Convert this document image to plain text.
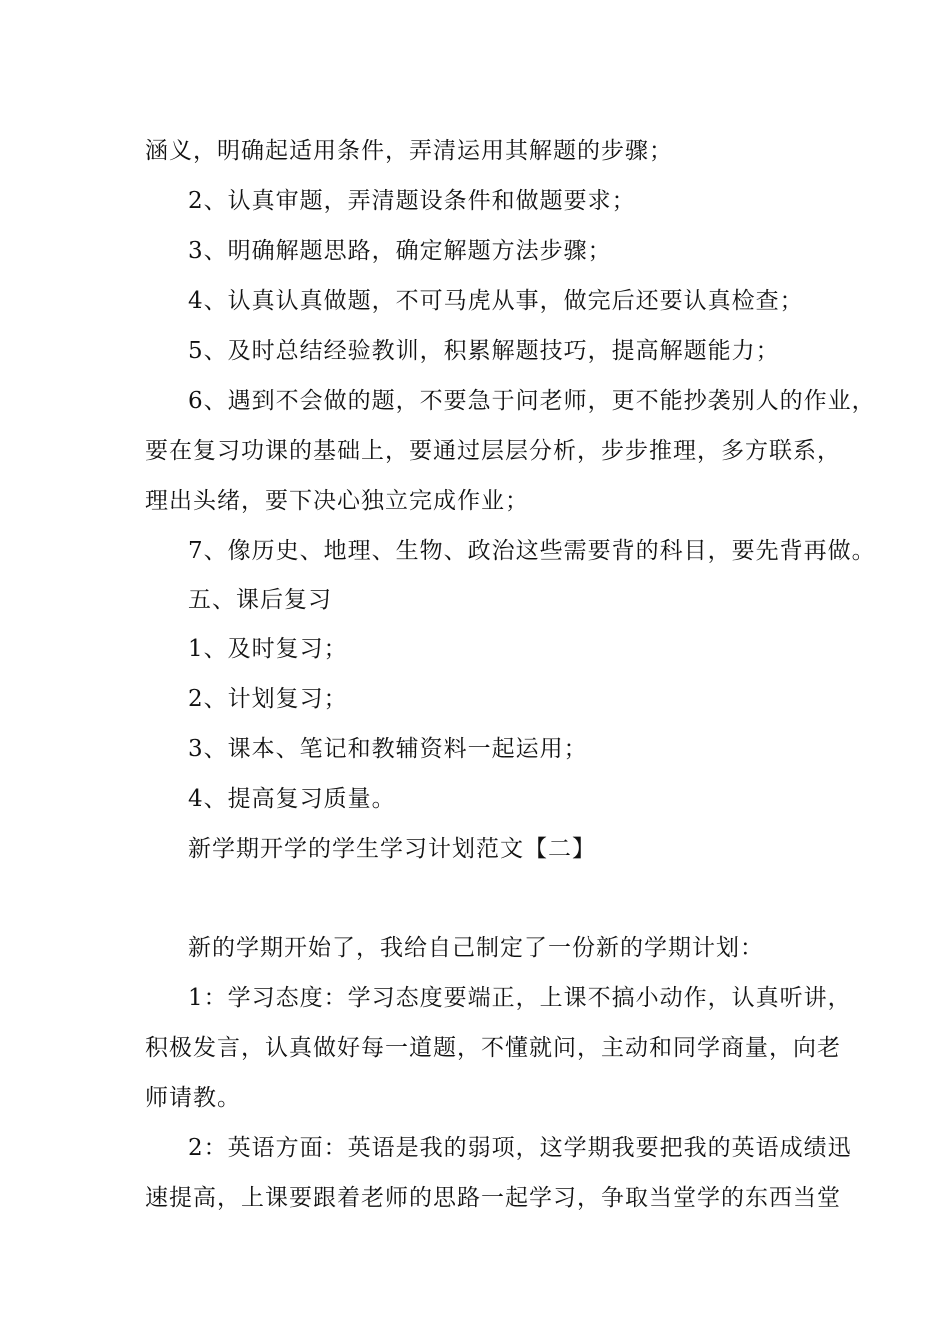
涵义，明确起适用条件，弄清运用其解题的步骤；
2、认真审题，弄清题设条件和做题要求；
3、明确解题思路，确定解题方法步骤；
4、认真认真做题，不可马虎从事，做完后还要认真检查；
5、及时总结经验教训，积累解题技巧，提高解题能力；
6、遇到不会做的题，不要急于问老师，更不能抄袭别人的作业，
要在复习功课的基础上，要通过层层分析，步步推理，多方联系，
理出头绪，要下决心独立完成作业；
7、像历史、地理、生物、政治这些需要背的科目，要先背再做。
五、课后复习
1、及时复习；
2、计划复习；
3、课本、笔记和教辅资料一起运用；
4、提高复习质量。
新学期开学的学生学习计划范文【二】
新的学期开始了，我给自己制定了一份新的学期计划：
1：学习态度：学习态度要端正，上课不搞小动作，认真听讲，
积极发言，认真做好每一道题，不懂就问，主动和同学商量，向老
师请教。
2：英语方面：英语是我的弱项，这学期我要把我的英语成绩迅
速提高，上课要跟着老师的思路一起学习，争取当堂学的东西当堂
